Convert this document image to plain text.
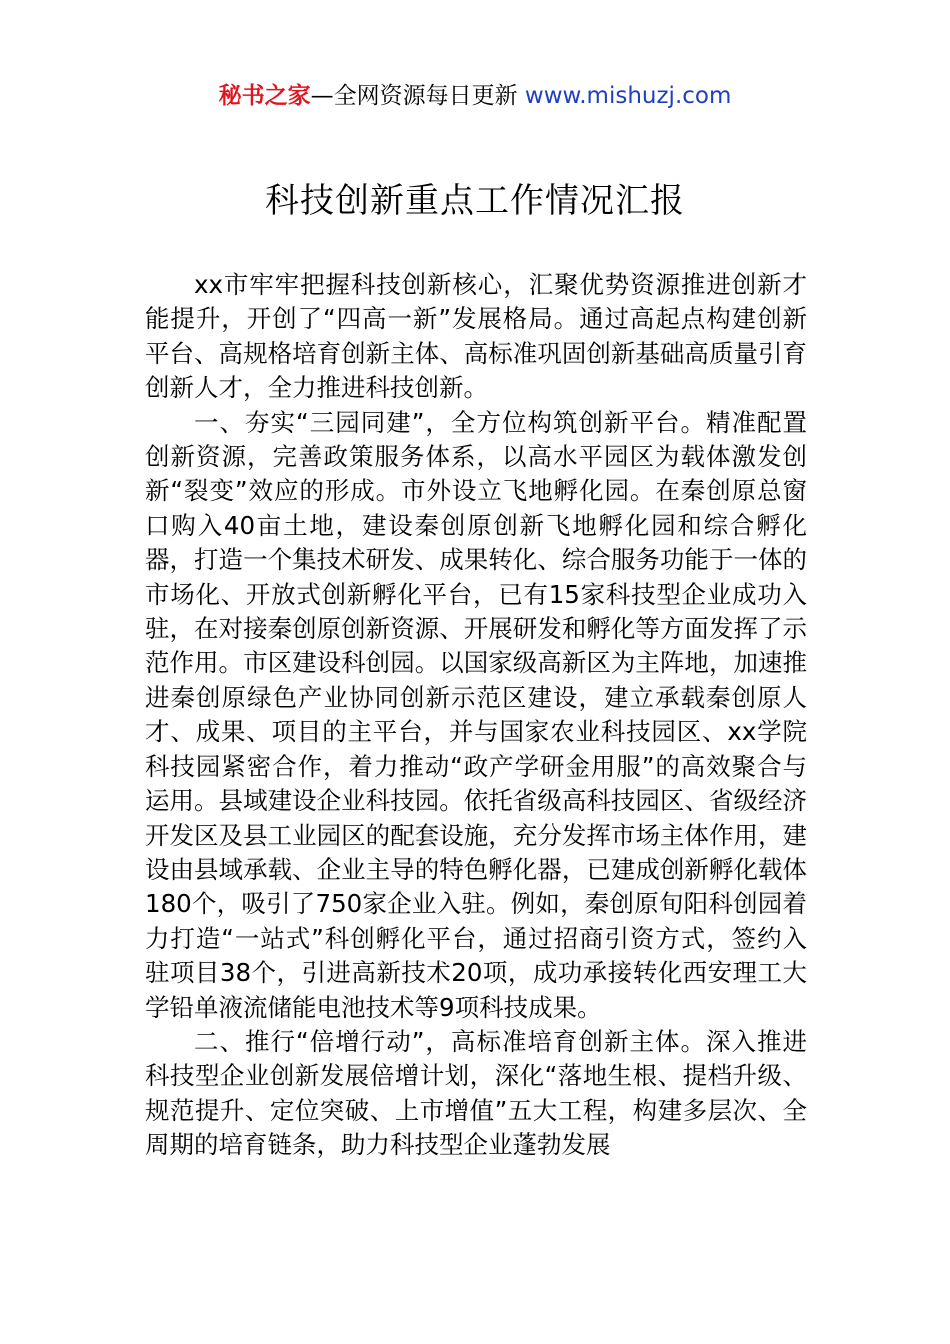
秘书之家—全网资源每日更新 www.mishuzj.com
科技创新重点工作情况汇报

xx市牢牢把握科技创新核心，汇聚优势资源推进创新才能提升，开创了“四高一新”发展格局。通过高起点构建创新平台、高规格培育创新主体、高标准巩固创新基础高质量引育创新人才，全力推进科技创新。

一、夯实“三园同建”，全方位构筑创新平台。精准配置创新资源，完善政策服务体系，以高水平园区为载体激发创新“裂变”效应的形成。市外设立飞地孵化园。在秦创原总窗口购入40亩土地，建设秦创原创新飞地孵化园和综合孵化器，打造一个集技术研发、成果转化、综合服务功能于一体的市场化、开放式创新孵化平台，已有15家科技型企业成功入驻，在对接秦创原创新资源、开展研发和孵化等方面发挥了示范作用。市区建设科创园。以国家级高新区为主阵地，加速推进秦创原绿色产业协同创新示范区建设，建立承载秦创原人才、成果、项目的主平台，并与国家农业科技园区、xx学院科技园紧密合作，着力推动“政产学研金用服”的高效聚合与运用。县域建设企业科技园。依托省级高科技园区、省级经济开发区及县工业园区的配套设施，充分发挥市场主体作用，建设由县域承载、企业主导的特色孵化器，已建成创新孵化载体180个，吸引了750家企业入驻。例如，秦创原旬阳科创园着力打造“一站式”科创孵化平台，通过招商引资方式，签约入驻项目38个，引进高新技术20项，成功承接转化西安理工大学铅单液流储能电池技术等9项科技成果。

二、推行“倍增行动”，高标准培育创新主体。深入推进科技型企业创新发展倍增计划，深化“落地生根、提档升级、规范提升、定位突破、上市增值”五大工程，构建多层次、全周期的培育链条，助力科技型企业蓬勃发展
